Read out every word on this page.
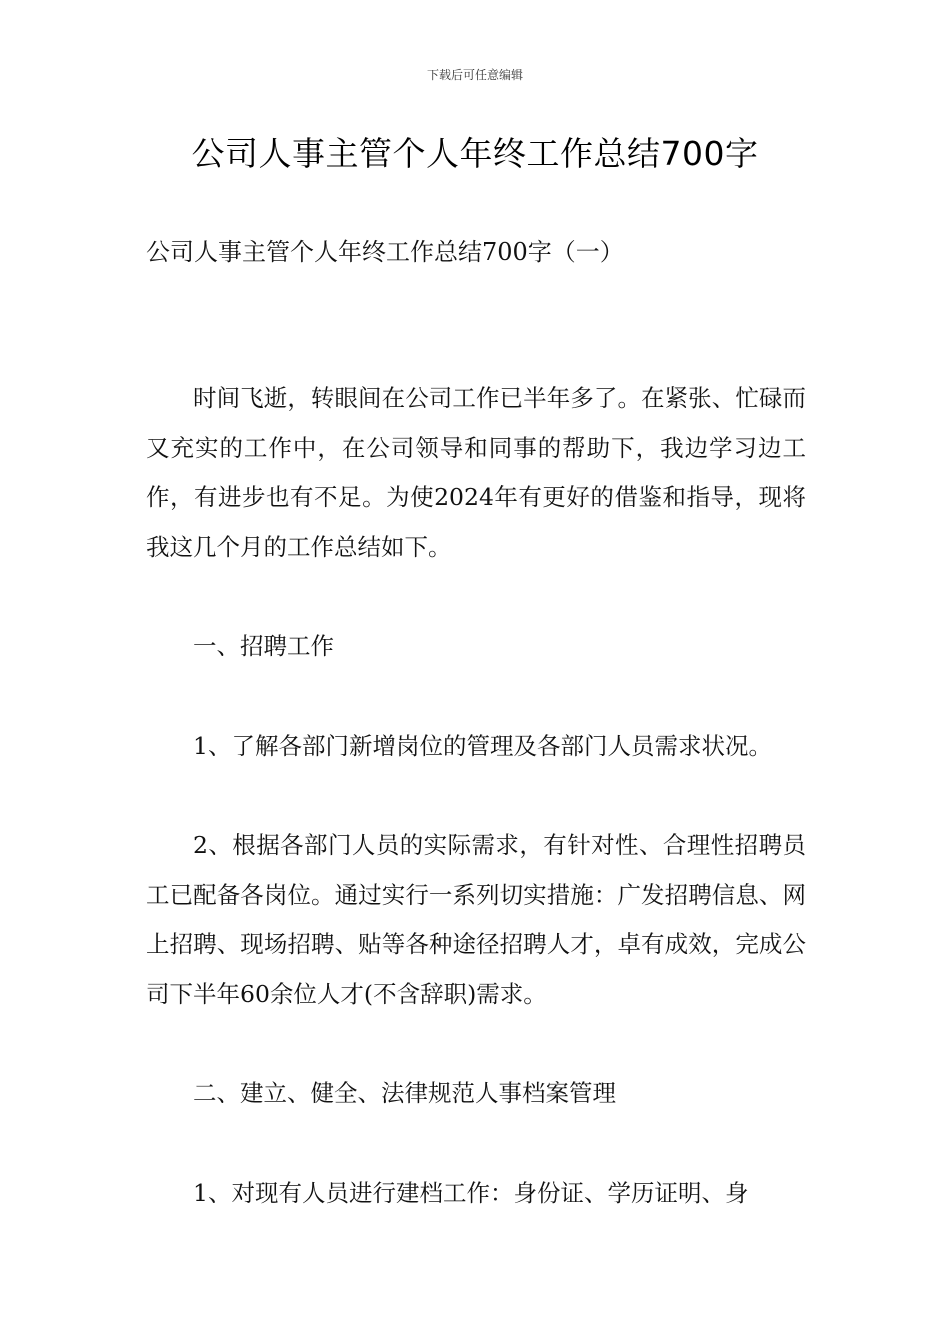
下载后可任意编辑
公司人事主管个人年终工作总结700字
公司人事主管个人年终工作总结700字（一）

时间飞逝，转眼间在公司工作已半年多了。在紧张、忙碌而又充实的工作中，在公司领导和同事的帮助下，我边学习边工作，有进步也有不足。为使2024年有更好的借鉴和指导，现将我这几个月的工作总结如下。

一、招聘工作

1、了解各部门新增岗位的管理及各部门人员需求状况。

2、根据各部门人员的实际需求，有针对性、合理性招聘员工已配备各岗位。通过实行一系列切实措施：广发招聘信息、网上招聘、现场招聘、贴等各种途径招聘人才，卓有成效，完成公司下半年60余位人才(不含辞职)需求。

二、建立、健全、法律规范人事档案管理

1、对现有人员进行建档工作：身份证、学历证明、身
